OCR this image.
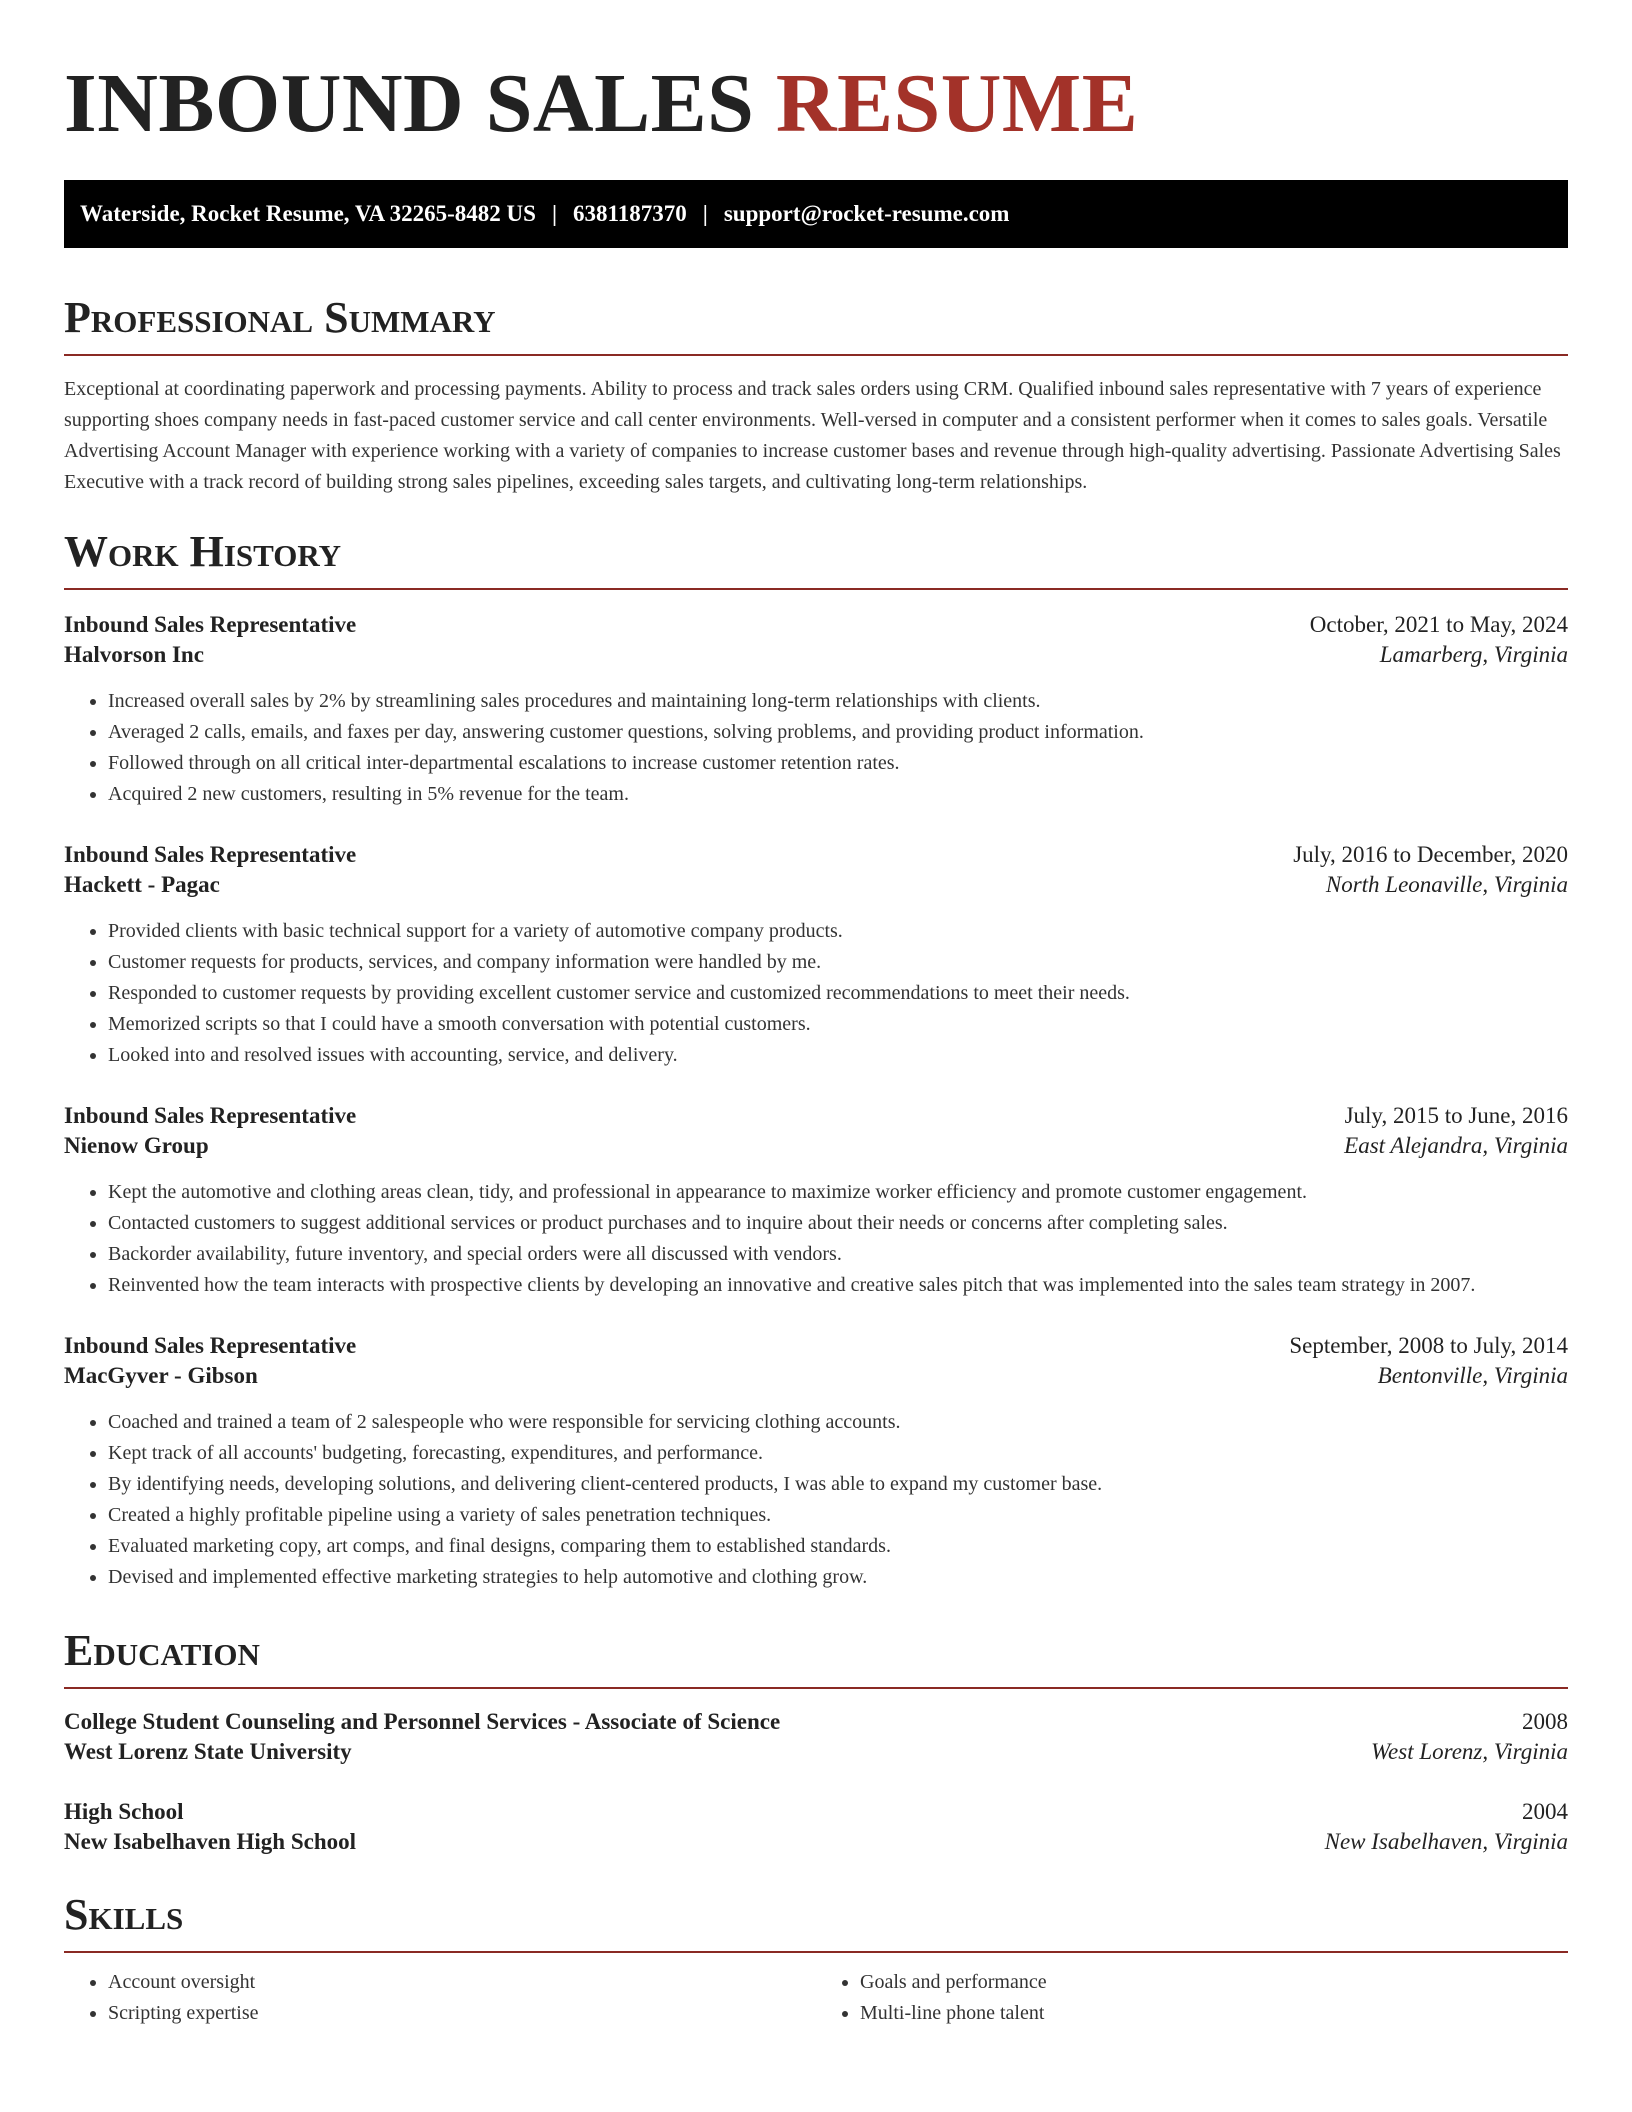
INBOUND SALES RESUME
Waterside, Rocket Resume, VA 32265-8482 US | 6381187370 | support@rocket-resume.com
Professional Summary

Exceptional at coordinating paperwork and processing payments. Ability to process and track sales orders using CRM. Qualified inbound sales representative with 7 years of experience supporting shoes company needs in fast-paced customer service and call center environments. Well-versed in computer and a consistent performer when it comes to sales goals. Versatile Advertising Account Manager with experience working with a variety of companies to increase customer bases and revenue through high-quality advertising. Passionate Advertising Sales Executive with a track record of building strong sales pipelines, exceeding sales targets, and cultivating long-term relationships.

Work History
Inbound Sales Representative	October, 2021 to May, 2024
Halvorson Inc	Lamarberg, Virginia
• Increased overall sales by 2% by streamlining sales procedures and maintaining long-term relationships with clients.
• Averaged 2 calls, emails, and faxes per day, answering customer questions, solving problems, and providing product information.
• Followed through on all critical inter-departmental escalations to increase customer retention rates.
• Acquired 2 new customers, resulting in 5% revenue for the team.
Inbound Sales Representative	July, 2016 to December, 2020
Hackett - Pagac	North Leonaville, Virginia
• Provided clients with basic technical support for a variety of automotive company products.
• Customer requests for products, services, and company information were handled by me.
• Responded to customer requests by providing excellent customer service and customized recommendations to meet their needs.
• Memorized scripts so that I could have a smooth conversation with potential customers.
• Looked into and resolved issues with accounting, service, and delivery.
Inbound Sales Representative	July, 2015 to June, 2016
Nienow Group	East Alejandra, Virginia
• Kept the automotive and clothing areas clean, tidy, and professional in appearance to maximize worker efficiency and promote customer engagement.
• Contacted customers to suggest additional services or product purchases and to inquire about their needs or concerns after completing sales.
• Backorder availability, future inventory, and special orders were all discussed with vendors.
• Reinvented how the team interacts with prospective clients by developing an innovative and creative sales pitch that was implemented into the sales team strategy in 2007.
Inbound Sales Representative	September, 2008 to July, 2014
MacGyver - Gibson	Bentonville, Virginia
• Coached and trained a team of 2 salespeople who were responsible for servicing clothing accounts.
• Kept track of all accounts' budgeting, forecasting, expenditures, and performance.
• By identifying needs, developing solutions, and delivering client-centered products, I was able to expand my customer base.
• Created a highly profitable pipeline using a variety of sales penetration techniques.
• Evaluated marketing copy, art comps, and final designs, comparing them to established standards.
• Devised and implemented effective marketing strategies to help automotive and clothing grow.
Education
College Student Counseling and Personnel Services - Associate of Science	2008
West Lorenz State University	West Lorenz, Virginia
High School	2004
New Isabelhaven High School	New Isabelhaven, Virginia
Skills
• Account oversight
• Scripting expertise
• Goals and performance
• Multi-line phone talent
